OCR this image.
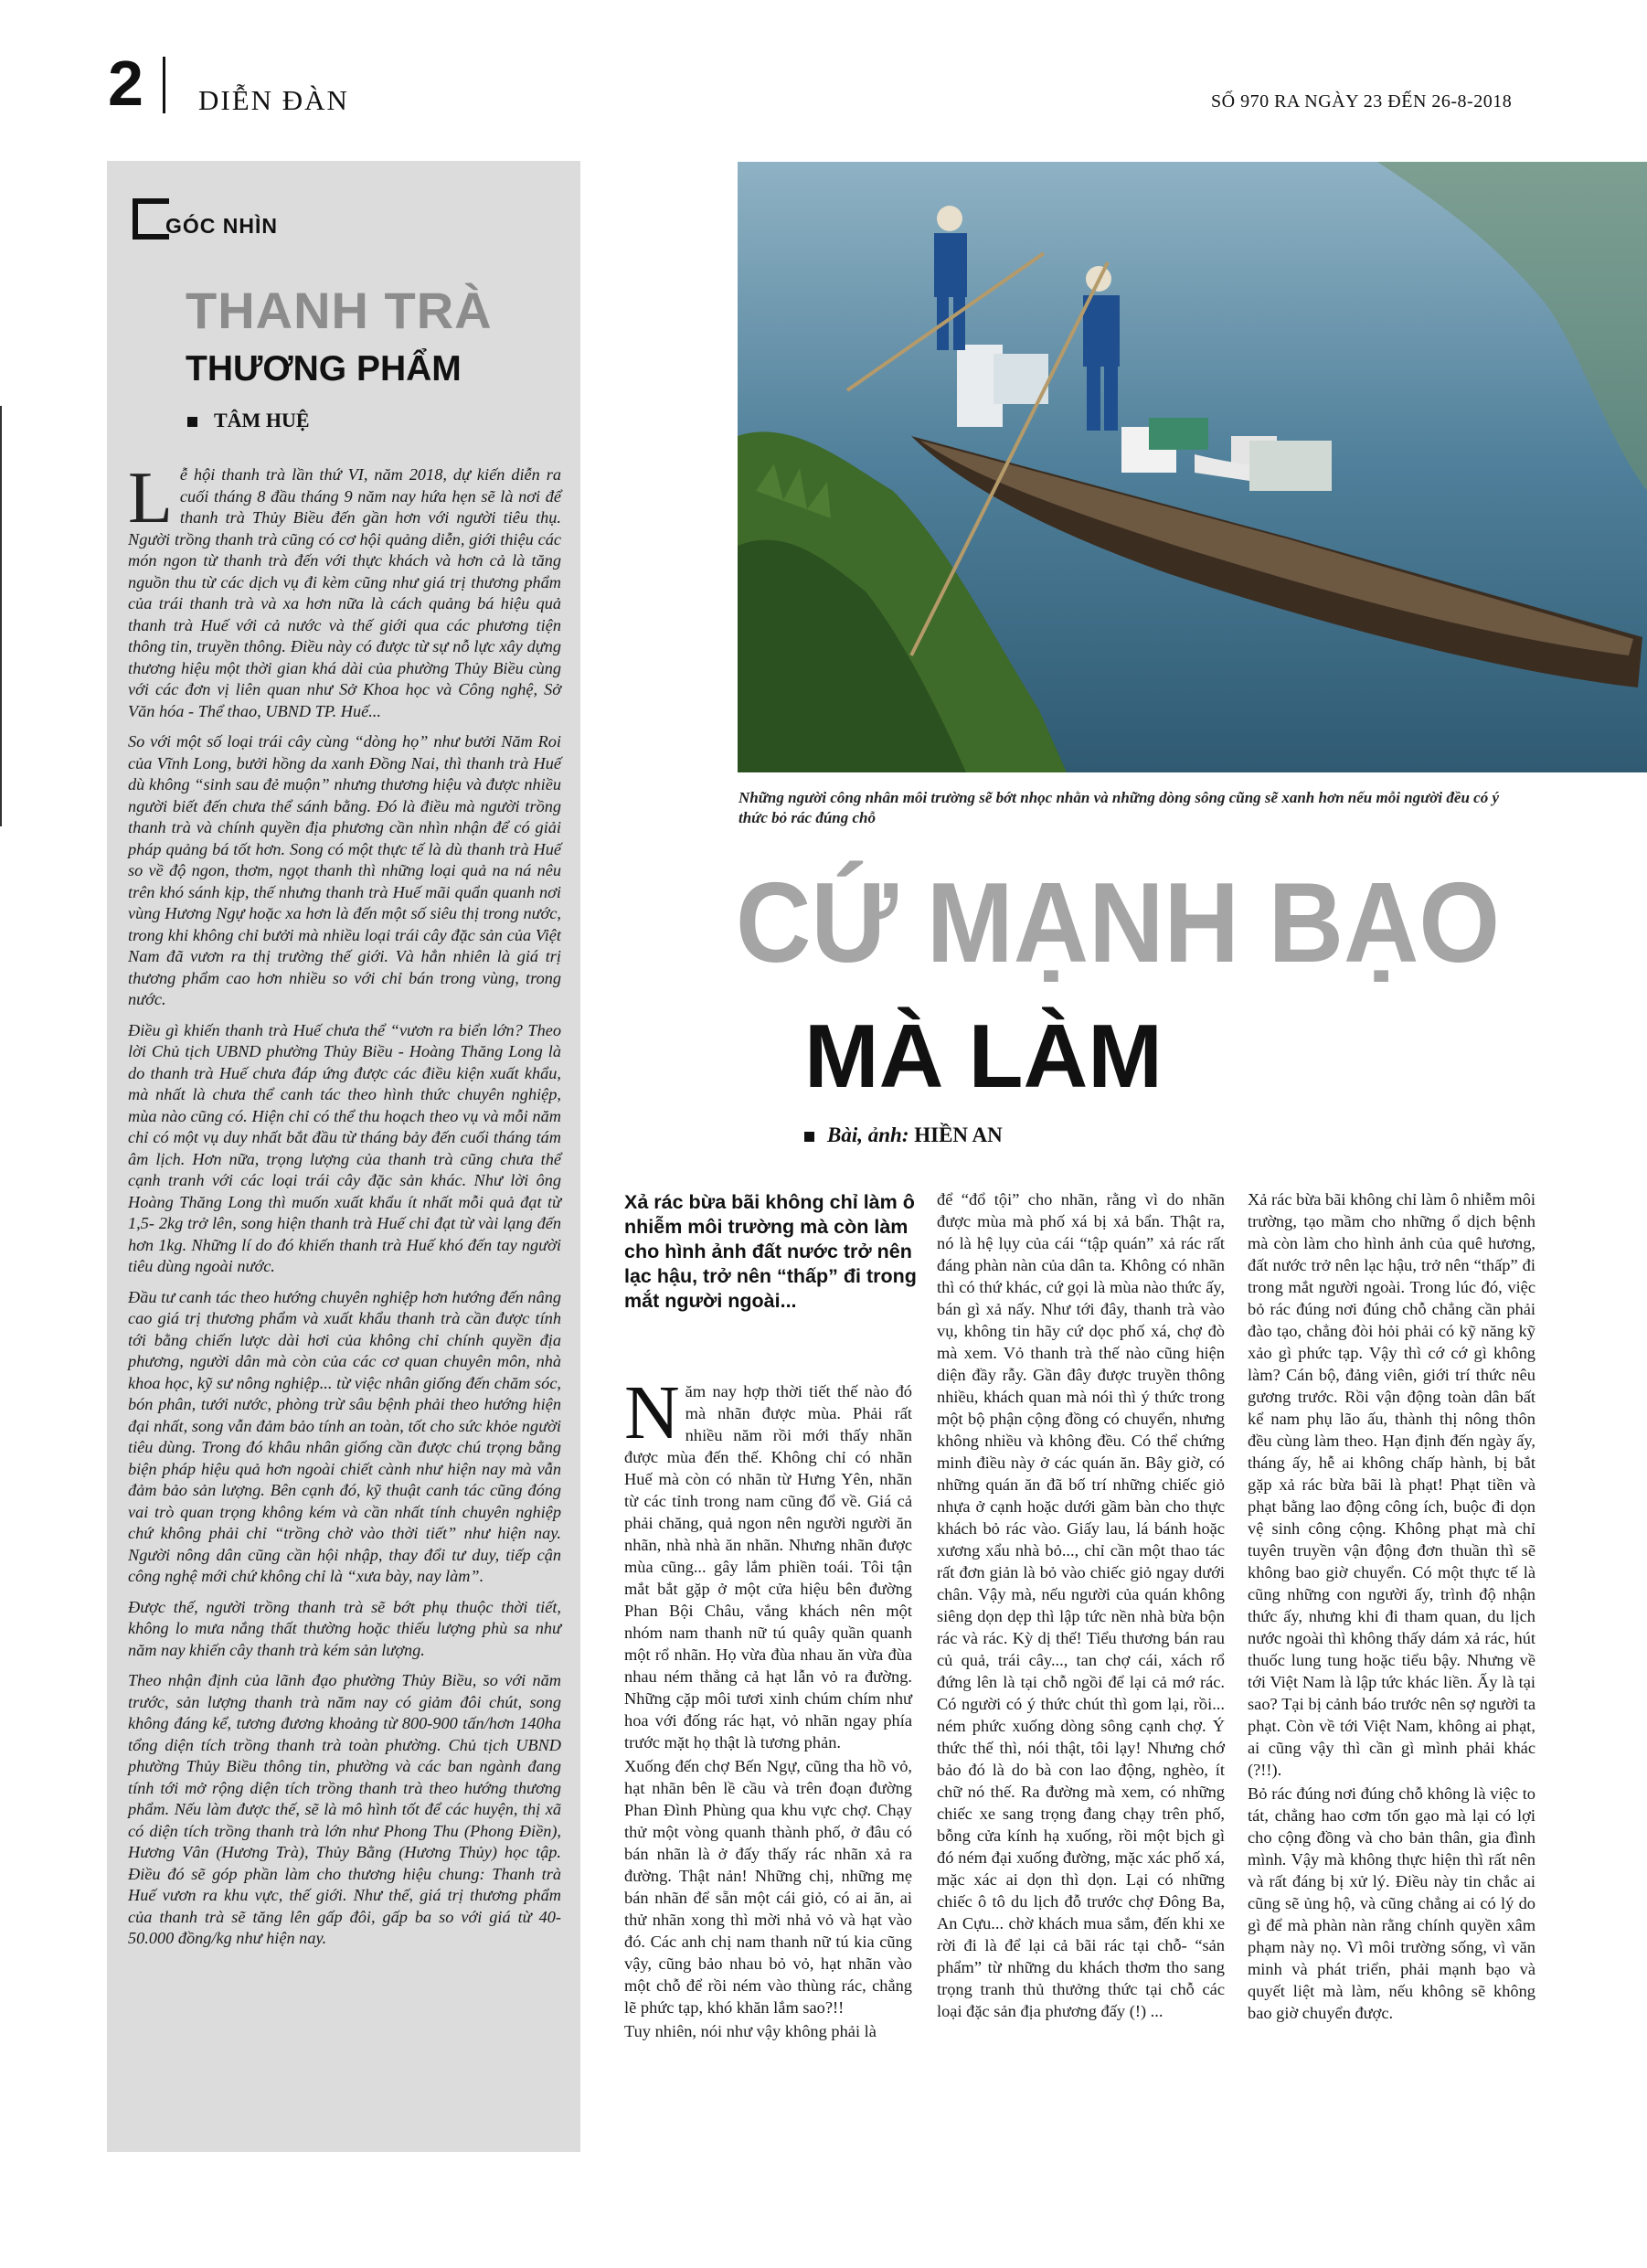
2 DIỄN ĐÀN	SỐ 970 RA NGÀY 23 ĐẾN 26-8-2018
GÓC NHÌN
THANH TRÀ
THƯƠNG PHẨM
TÂM HUỆ

Lễ hội thanh trà lần thứ VI, năm 2018, dự kiến diễn ra cuối tháng 8 đầu tháng 9 năm nay hứa hẹn sẽ là nơi để thanh trà Thủy Biều đến gần hơn với người tiêu thụ. Người trồng thanh trà cũng có cơ hội quảng diễn, giới thiệu các món ngon từ thanh trà đến với thực khách và hơn cả là tăng nguồn thu từ các dịch vụ đi kèm cũng như giá trị thương phẩm của trái thanh trà và xa hơn nữa là cách quảng bá hiệu quả thanh trà Huế với cả nước và thế giới qua các phương tiện thông tin, truyền thông. Điều này có được từ sự nỗ lực xây dựng thương hiệu một thời gian khá dài của phường Thủy Biều cùng với các đơn vị liên quan như Sở Khoa học và Công nghệ, Sở Văn hóa - Thể thao, UBND TP. Huế...

So với một số loại trái cây cùng “dòng họ” như bưởi Năm Roi của Vĩnh Long, bưởi hồng da xanh Đồng Nai, thì thanh trà Huế dù không “sinh sau đẻ muộn” nhưng thương hiệu và được nhiều người biết đến chưa thể sánh bằng. Đó là điều mà người trồng thanh trà và chính quyền địa phương cần nhìn nhận để có giải pháp quảng bá tốt hơn. Song có một thực tế là dù thanh trà Huế so về độ ngon, thơm, ngọt thanh thì những loại quả na ná nêu trên khó sánh kịp, thế nhưng thanh trà Huế mãi quẩn quanh nơi vùng Hương Ngự hoặc xa hơn là đến một số siêu thị trong nước, trong khi không chỉ bưởi mà nhiều loại trái cây đặc sản của Việt Nam đã vươn ra thị trường thế giới. Và hẳn nhiên là giá trị thương phẩm cao hơn nhiều so với chỉ bán trong vùng, trong nước.

Điều gì khiến thanh trà Huế chưa thể “vươn ra biển lớn? Theo lời Chủ tịch UBND phường Thủy Biều - Hoàng Thăng Long là do thanh trà Huế chưa đáp ứng được các điều kiện xuất khẩu, mà nhất là chưa thể canh tác theo hình thức chuyên nghiệp, mùa nào cũng có. Hiện chỉ có thể thu hoạch theo vụ và mỗi năm chỉ có một vụ duy nhất bắt đầu từ tháng bảy đến cuối tháng tám âm lịch. Hơn nữa, trọng lượng của thanh trà cũng chưa thể cạnh tranh với các loại trái cây đặc sản khác. Như lời ông Hoàng Thăng Long thì muốn xuất khẩu ít nhất mỗi quả đạt từ 1,5- 2kg trở lên, song hiện thanh trà Huế chỉ đạt từ vài lạng đến hơn 1kg. Những lí do đó khiến thanh trà Huế khó đến tay người tiêu dùng ngoài nước.

Đầu tư canh tác theo hướng chuyên nghiệp hơn hướng đến nâng cao giá trị thương phẩm và xuất khẩu thanh trà cần được tính tới bằng chiến lược dài hơi của không chỉ chính quyền địa phương, người dân mà còn của các cơ quan chuyên môn, nhà khoa học, kỹ sư nông nghiệp... từ việc nhân giống đến chăm sóc, bón phân, tưới nước, phòng trừ sâu bệnh phải theo hướng hiện đại nhất, song vẫn đảm bảo tính an toàn, tốt cho sức khỏe người tiêu dùng. Trong đó khâu nhân giống cần được chú trọng bằng biện pháp hiệu quả hơn ngoài chiết cành như hiện nay mà vẫn đảm bảo sản lượng. Bên cạnh đó, kỹ thuật canh tác cũng đóng vai trò quan trọng không kém và cần nhất tính chuyên nghiệp chứ không phải chỉ “trồng chờ vào thời tiết” như hiện nay. Người nông dân cũng cần hội nhập, thay đổi tư duy, tiếp cận công nghệ mới chứ không chỉ là “xưa bày, nay làm”.

Được thế, người trồng thanh trà sẽ bớt phụ thuộc thời tiết, không lo mưa nắng thất thường hoặc thiếu lượng phù sa như năm nay khiến cây thanh trà kém sản lượng.

Theo nhận định của lãnh đạo phường Thủy Biều, so với năm trước, sản lượng thanh trà năm nay có giảm đôi chút, song không đáng kể, tương đương khoảng từ 800-900 tấn/hơn 140ha tổng diện tích trồng thanh trà toàn phường. Chủ tịch UBND phường Thủy Biều thông tin, phường và các ban ngành đang tính tới mở rộng diện tích trồng thanh trà theo hướng thương phẩm. Nếu làm được thế, sẽ là mô hình tốt để các huyện, thị xã có diện tích trồng thanh trà lớn như Phong Thu (Phong Điền), Hương Vân (Hương Trà), Thủy Bằng (Hương Thủy) học tập. Điều đó sẽ góp phần làm cho thương hiệu chung: Thanh trà Huế vươn ra khu vực, thế giới. Như thế, giá trị thương phẩm của thanh trà sẽ tăng lên gấp đôi, gấp ba so với giá từ 40-50.000 đồng/kg như hiện nay.

Những người công nhân môi trường sẽ bớt nhọc nhằn và những dòng sông cũng sẽ xanh hơn nếu mỗi người đều có ý thức bỏ rác đúng chỗ
CỨ MẠNH BẠO
MÀ LÀM
Bài, ảnh: HIỀN AN
Xả rác bừa bãi không chỉ làm ô nhiễm môi trường mà còn làm cho hình ảnh đất nước trở nên lạc hậu, trở nên “thấp” đi trong mắt người ngoài...

Năm nay hợp thời tiết thế nào đó mà nhãn được mùa. Phải rất nhiều năm rồi mới thấy nhãn được mùa đến thế. Không chỉ có nhãn Huế mà còn có nhãn từ Hưng Yên, nhãn từ các tỉnh trong nam cũng đổ về. Giá cả phải chăng, quả ngon nên người người ăn nhãn, nhà nhà ăn nhãn. Nhưng nhãn được mùa cũng... gây lắm phiền toái. Tôi tận mắt bắt gặp ở một cửa hiệu bên đường Phan Bội Châu, vắng khách nên một nhóm nam thanh nữ tú quây quần quanh một rổ nhãn. Họ vừa đùa nhau ăn vừa đùa nhau ném thẳng cả hạt lẫn vỏ ra đường. Những cặp môi tươi xinh chúm chím như hoa với đống rác hạt, vỏ nhãn ngay phía trước mặt họ thật là tương phản.

Xuống đến chợ Bến Ngự, cũng tha hồ vỏ, hạt nhãn bên lề cầu và trên đoạn đường Phan Đình Phùng qua khu vực chợ. Chạy thử một vòng quanh thành phố, ở đâu có bán nhãn là ở đấy thấy rác nhãn xả ra đường. Thật nản! Những chị, những mẹ bán nhãn để sẵn một cái giỏ, có ai ăn, ai thử nhãn xong thì mời nhả vỏ và hạt vào đó. Các anh chị nam thanh nữ tú kia cũng vậy, cũng bảo nhau bỏ vỏ, hạt nhãn vào một chỗ để rồi ném vào thùng rác, chẳng lẽ phức tạp, khó khăn lắm sao?!!

Tuy nhiên, nói như vậy không phải là

để “đổ tội” cho nhãn, rằng vì do nhãn được mùa mà phố xá bị xả bẩn. Thật ra, nó là hệ lụy của cái “tập quán” xả rác rất đáng phàn nàn của dân ta. Không có nhãn thì có thứ khác, cứ gọi là mùa nào thức ấy, bán gì xả nấy. Như tới đây, thanh trà vào vụ, không tin hãy cứ dọc phố xá, chợ đò mà xem. Vỏ thanh trà thế nào cũng hiện diện đầy rẫy. Gần đây được truyền thông nhiều, khách quan mà nói thì ý thức trong một bộ phận cộng đồng có chuyển, nhưng không nhiều và không đều. Có thể chứng minh điều này ở các quán ăn. Bây giờ, có những quán ăn đã bố trí những chiếc giỏ nhựa ở cạnh hoặc dưới gầm bàn cho thực khách bỏ rác vào. Giấy lau, lá bánh hoặc xương xẩu nhà bỏ..., chỉ cần một thao tác rất đơn giản là bỏ vào chiếc giỏ ngay dưới chân. Vậy mà, nếu người của quán không siêng dọn dẹp thì lập tức nền nhà bừa bộn rác và rác. Kỳ dị thế! Tiểu thương bán rau củ quả, trái cây..., tan chợ cái, xách rổ đứng lên là tại chỗ ngồi để lại cả mớ rác. Có người có ý thức chút thì gom lại, rồi... ném phức xuống dòng sông cạnh chợ. Ý thức thế thì, nói thật, tôi lạy! Nhưng chớ bảo đó là do bà con lao động, nghèo, ít chữ nó thế. Ra đường mà xem, có những chiếc xe sang trọng đang chạy trên phố, bỗng cửa kính hạ xuống, rồi một bịch gì đó ném đại xuống đường, mặc xác phố xá, mặc xác ai dọn thì dọn. Lại có những chiếc ô tô du lịch đỗ trước chợ Đông Ba, An Cựu... chờ khách mua sắm, đến khi xe rời đi là để lại cả bãi rác tại chỗ- “sản phẩm” từ những du khách thơm tho sang trọng tranh thủ thưởng thức tại chỗ các loại đặc sản địa phương đấy (!) ...

Xả rác bừa bãi không chỉ làm ô nhiễm môi trường, tạo mầm cho những ổ dịch bệnh mà còn làm cho hình ảnh của quê hương, đất nước trở nên lạc hậu, trở nên “thấp” đi trong mắt người ngoài. Trong lúc đó, việc bỏ rác đúng nơi đúng chỗ chẳng cần phải đào tạo, chẳng đòi hỏi phải có kỹ năng kỹ xảo gì phức tạp. Vậy thì cớ cớ gì không làm? Cán bộ, đảng viên, giới trí thức nêu gương trước. Rồi vận động toàn dân bất kể nam phụ lão ấu, thành thị nông thôn đều cùng làm theo. Hạn định đến ngày ấy, tháng ấy, hễ ai không chấp hành, bị bắt gặp xả rác bừa bãi là phạt! Phạt tiền và phạt bằng lao động công ích, buộc đi dọn vệ sinh công cộng. Không phạt mà chỉ tuyên truyền vận động đơn thuần thì sẽ không bao giờ chuyển. Có một thực tế là cũng những con người ấy, trình độ nhận thức ấy, nhưng khi đi tham quan, du lịch nước ngoài thì không thấy dám xả rác, hút thuốc lung tung hoặc tiểu bậy. Nhưng về tới Việt Nam là lập tức khác liền. Ấy là tại sao? Tại bị cảnh báo trước nên sợ người ta phạt. Còn về tới Việt Nam, không ai phạt, ai cũng vậy thì cần gì mình phải khác (?!!).

Bỏ rác đúng nơi đúng chỗ không là việc to tát, chẳng hao cơm tốn gạo mà lại có lợi cho cộng đồng và cho bản thân, gia đình mình. Vậy mà không thực hiện thì rất nên và rất đáng bị xử lý. Điều này tin chắc ai cũng sẽ ủng hộ, và cũng chẳng ai có lý do gì để mà phàn nàn rằng chính quyền xâm phạm này nọ. Vì môi trường sống, vì văn minh và phát triển, phải mạnh bạo và quyết liệt mà làm, nếu không sẽ không bao giờ chuyển được.
